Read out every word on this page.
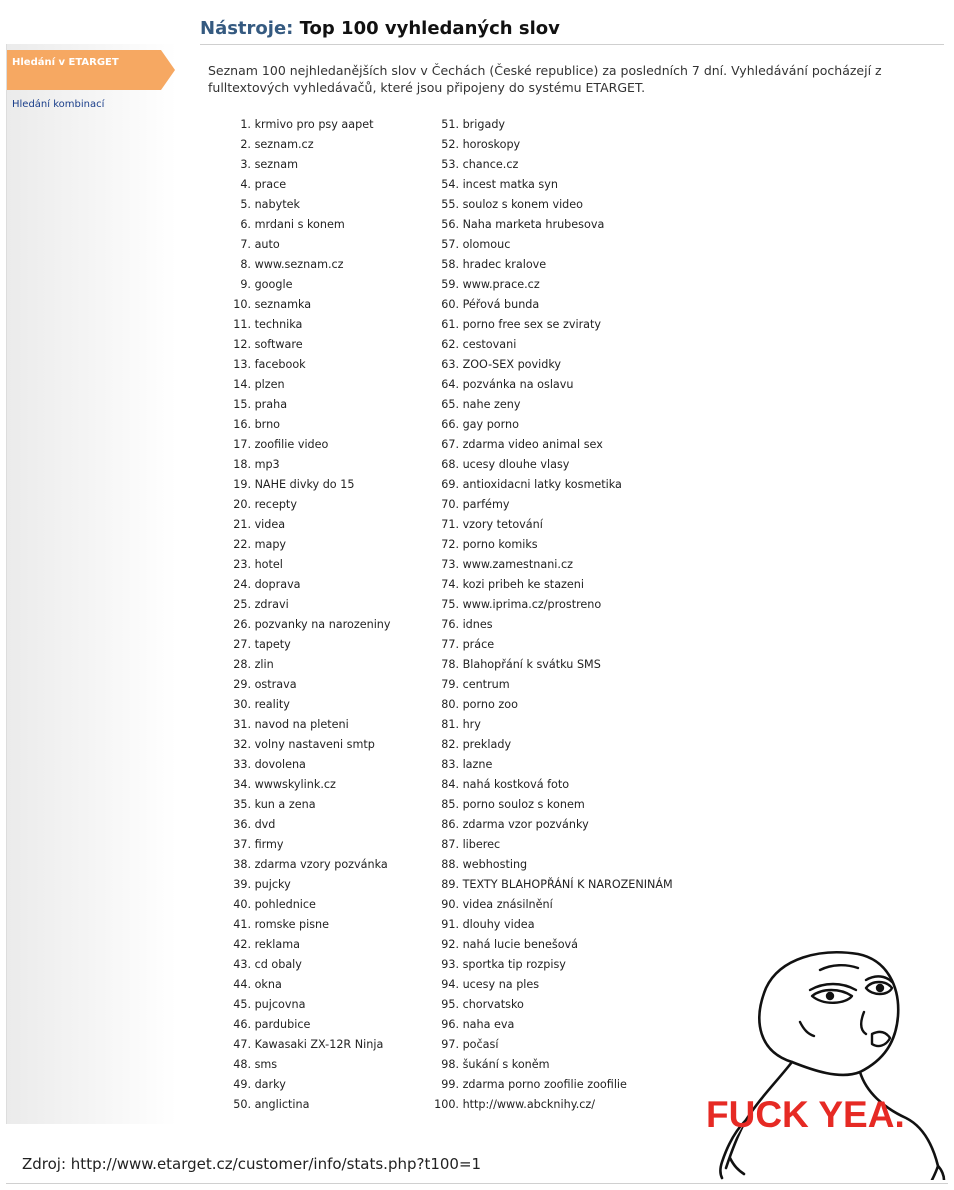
Nástroje: Top 100 vyhledaných slov
Hledání v ETARGET
Hledání kombinací

Seznam 100 nejhledanějších slov v Čechách (České republice) za posledních 7 dní. Vyhledávání pocházejí z fulltextových vyhledávačů, které jsou připojeny do systému ETARGET.

1. krmivo pro psy aapet
2. seznam.cz
3. seznam
4. prace
5. nabytek
6. mrdani s konem
7. auto
8. www.seznam.cz
9. google
10. seznamka
11. technika
12. software
13. facebook
14. plzen
15. praha
16. brno
17. zoofilie video
18. mp3
19. NAHE divky do 15
20. recepty
21. videa
22. mapy
23. hotel
24. doprava
25. zdravi
26. pozvanky na narozeniny
27. tapety
28. zlin
29. ostrava
30. reality
31. navod na pleteni
32. volny nastaveni smtp
33. dovolena
34. wwwskylink.cz
35. kun a zena
36. dvd
37. firmy
38. zdarma vzory pozvánka
39. pujcky
40. pohlednice
41. romske pisne
42. reklama
43. cd obaly
44. okna
45. pujcovna
46. pardubice
47. Kawasaki ZX-12R Ninja
48. sms
49. darky
50. anglictina
51. brigady
52. horoskopy
53. chance.cz
54. incest matka syn
55. souloz s konem video
56. Naha marketa hrubesova
57. olomouc
58. hradec kralove
59. www.prace.cz
60. Péřová bunda
61. porno free sex se zviraty
62. cestovani
63. ZOO-SEX povidky
64. pozvánka na oslavu
65. nahe zeny
66. gay porno
67. zdarma video animal sex
68. ucesy dlouhe vlasy
69. antioxidacni latky kosmetika
70. parfémy
71. vzory tetování
72. porno komiks
73. www.zamestnani.cz
74. kozi pribeh ke stazeni
75. www.iprima.cz/prostreno
76. idnes
77. práce
78. Blahopřání k svátku SMS
79. centrum
80. porno zoo
81. hry
82. preklady
83. lazne
84. nahá kostková foto
85. porno souloz s konem
86. zdarma vzor pozvánky
87. liberec
88. webhosting
89. TEXTY BLAHOPŘÁNÍ K NAROZENINÁM
90. videa znásilnění
91. dlouhy videa
92. nahá lucie benešová
93. sportka tip rozpisy
94. ucesy na ples
95. chorvatsko
96. naha eva
97. počasí
98. šukání s koněm
99. zdarma porno zoofilie zoofilie
100. http://www.abcknihy.cz/
Zdroj: http://www.etarget.cz/customer/info/stats.php?t100=1
FUCK YEA.
